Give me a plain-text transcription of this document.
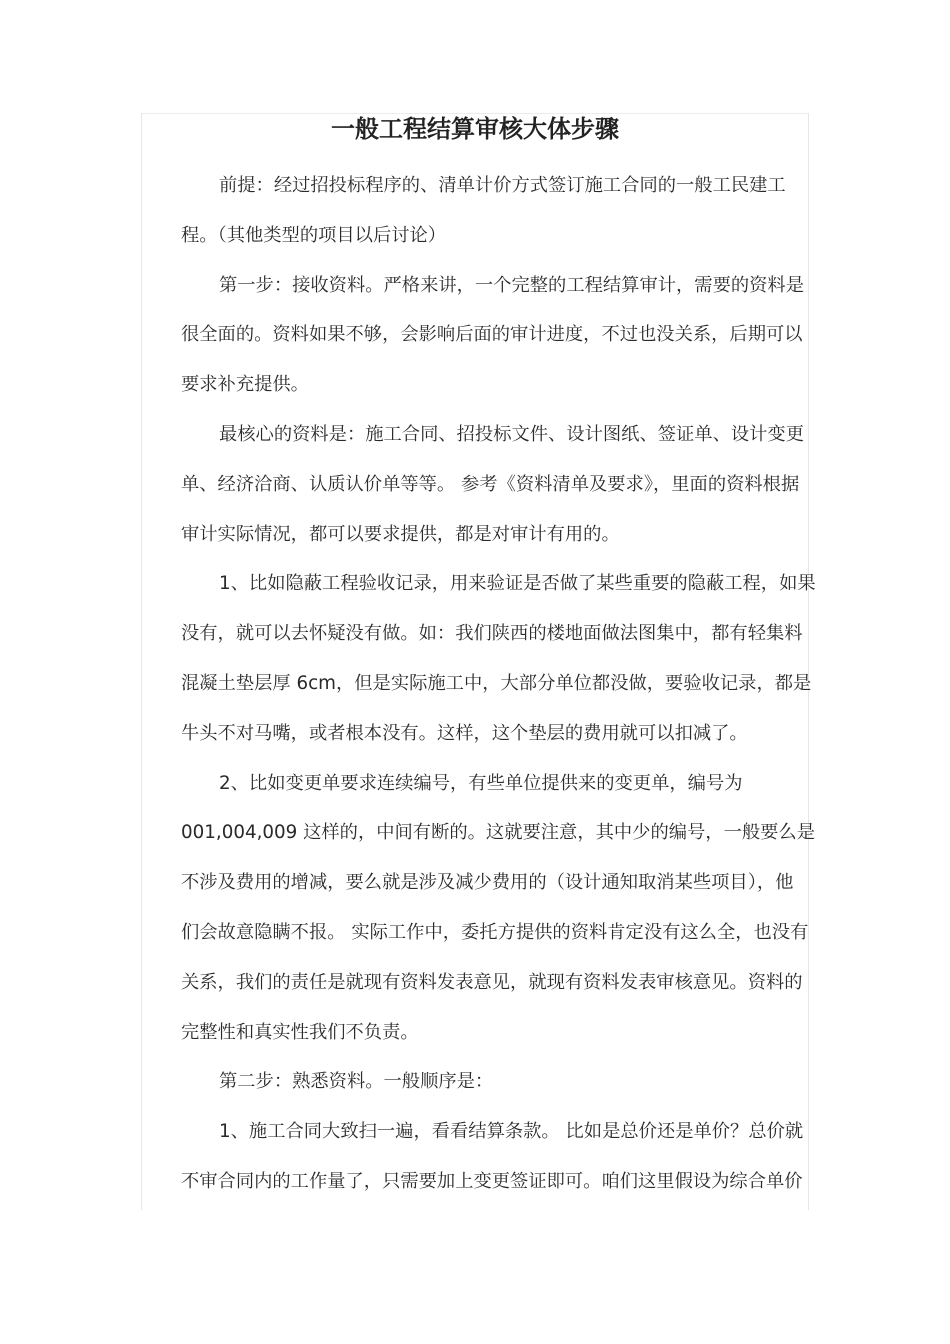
一般工程结算审核大体步骤

前提：经过招投标程序的、清单计价方式签订施工合同的一般工民建工
程。（其他类型的项目以后讨论）

第一步：接收资料。严格来讲，一个完整的工程结算审计，需要的资料是
很全面的。资料如果不够，会影响后面的审计进度，不过也没关系，后期可以
要求补充提供。

最核心的资料是：施工合同、招投标文件、设计图纸、签证单、设计变更
单、经济洽商、认质认价单等等。 参考《资料清单及要求》，里面的资料根据
审计实际情况，都可以要求提供，都是对审计有用的。

1、比如隐蔽工程验收记录，用来验证是否做了某些重要的隐蔽工程，如果
没有，就可以去怀疑没有做。如：我们陕西的楼地面做法图集中，都有轻集料
混凝土垫层厚 6cm，但是实际施工中，大部分单位都没做，要验收记录，都是
牛头不对马嘴，或者根本没有。这样，这个垫层的费用就可以扣减了。

2、比如变更单要求连续编号，有些单位提供来的变更单，编号为
001,004,009 这样的，中间有断的。这就要注意，其中少的编号，一般要么是
不涉及费用的增减，要么就是涉及减少费用的（设计通知取消某些项目），他
们会故意隐瞒不报。 实际工作中，委托方提供的资料肯定没有这么全，也没有
关系，我们的责任是就现有资料发表意见，就现有资料发表审核意见。资料的
完整性和真实性我们不负责。

第二步：熟悉资料。一般顺序是：

1、施工合同大致扫一遍，看看结算条款。 比如是总价还是单价？总价就
不审合同内的工作量了，只需要加上变更签证即可。咱们这里假设为综合单价
